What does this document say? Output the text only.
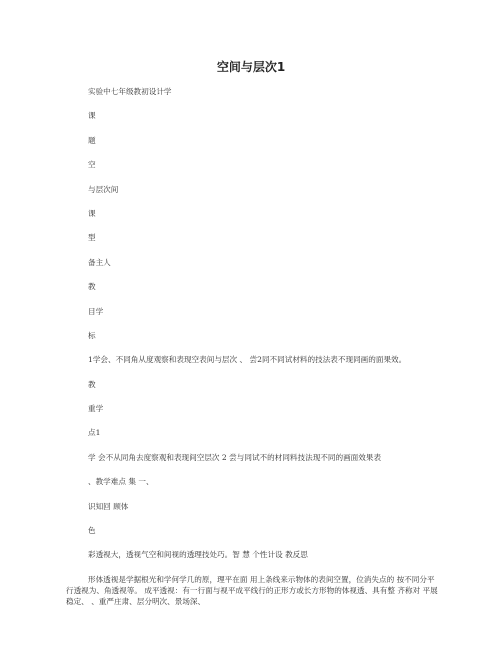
空间与层次1
实验中七年级教初设计学
课
题
空
与层次间
课
型
备主人
教
目学
标
1学会、不同角从度观察和表现空表间与层次 、 尝2同不同试材料的技法表不现同画的面果效。
教
重学
点1
学 会不从同角去度察观和表现间空层次 2 尝与同试不的材同料技法现不同的画面效果表
、教学难点 集 一、
识知回 顾体
色
彩透视大，透视气空和间视的透理技处巧。智 慧 个性计设 教反思
形体透视是学据根光和学何学几的原，理平在面 用上条线来示物体的表间空置，位消失点的 按不同分平行透视为、角透视等。 成平透视：有一行面与视平成平线行的正形方或长方形物的体视透、具有整 齐称对 平展稳定、 、重严庄肃、层分明次、景场深、
